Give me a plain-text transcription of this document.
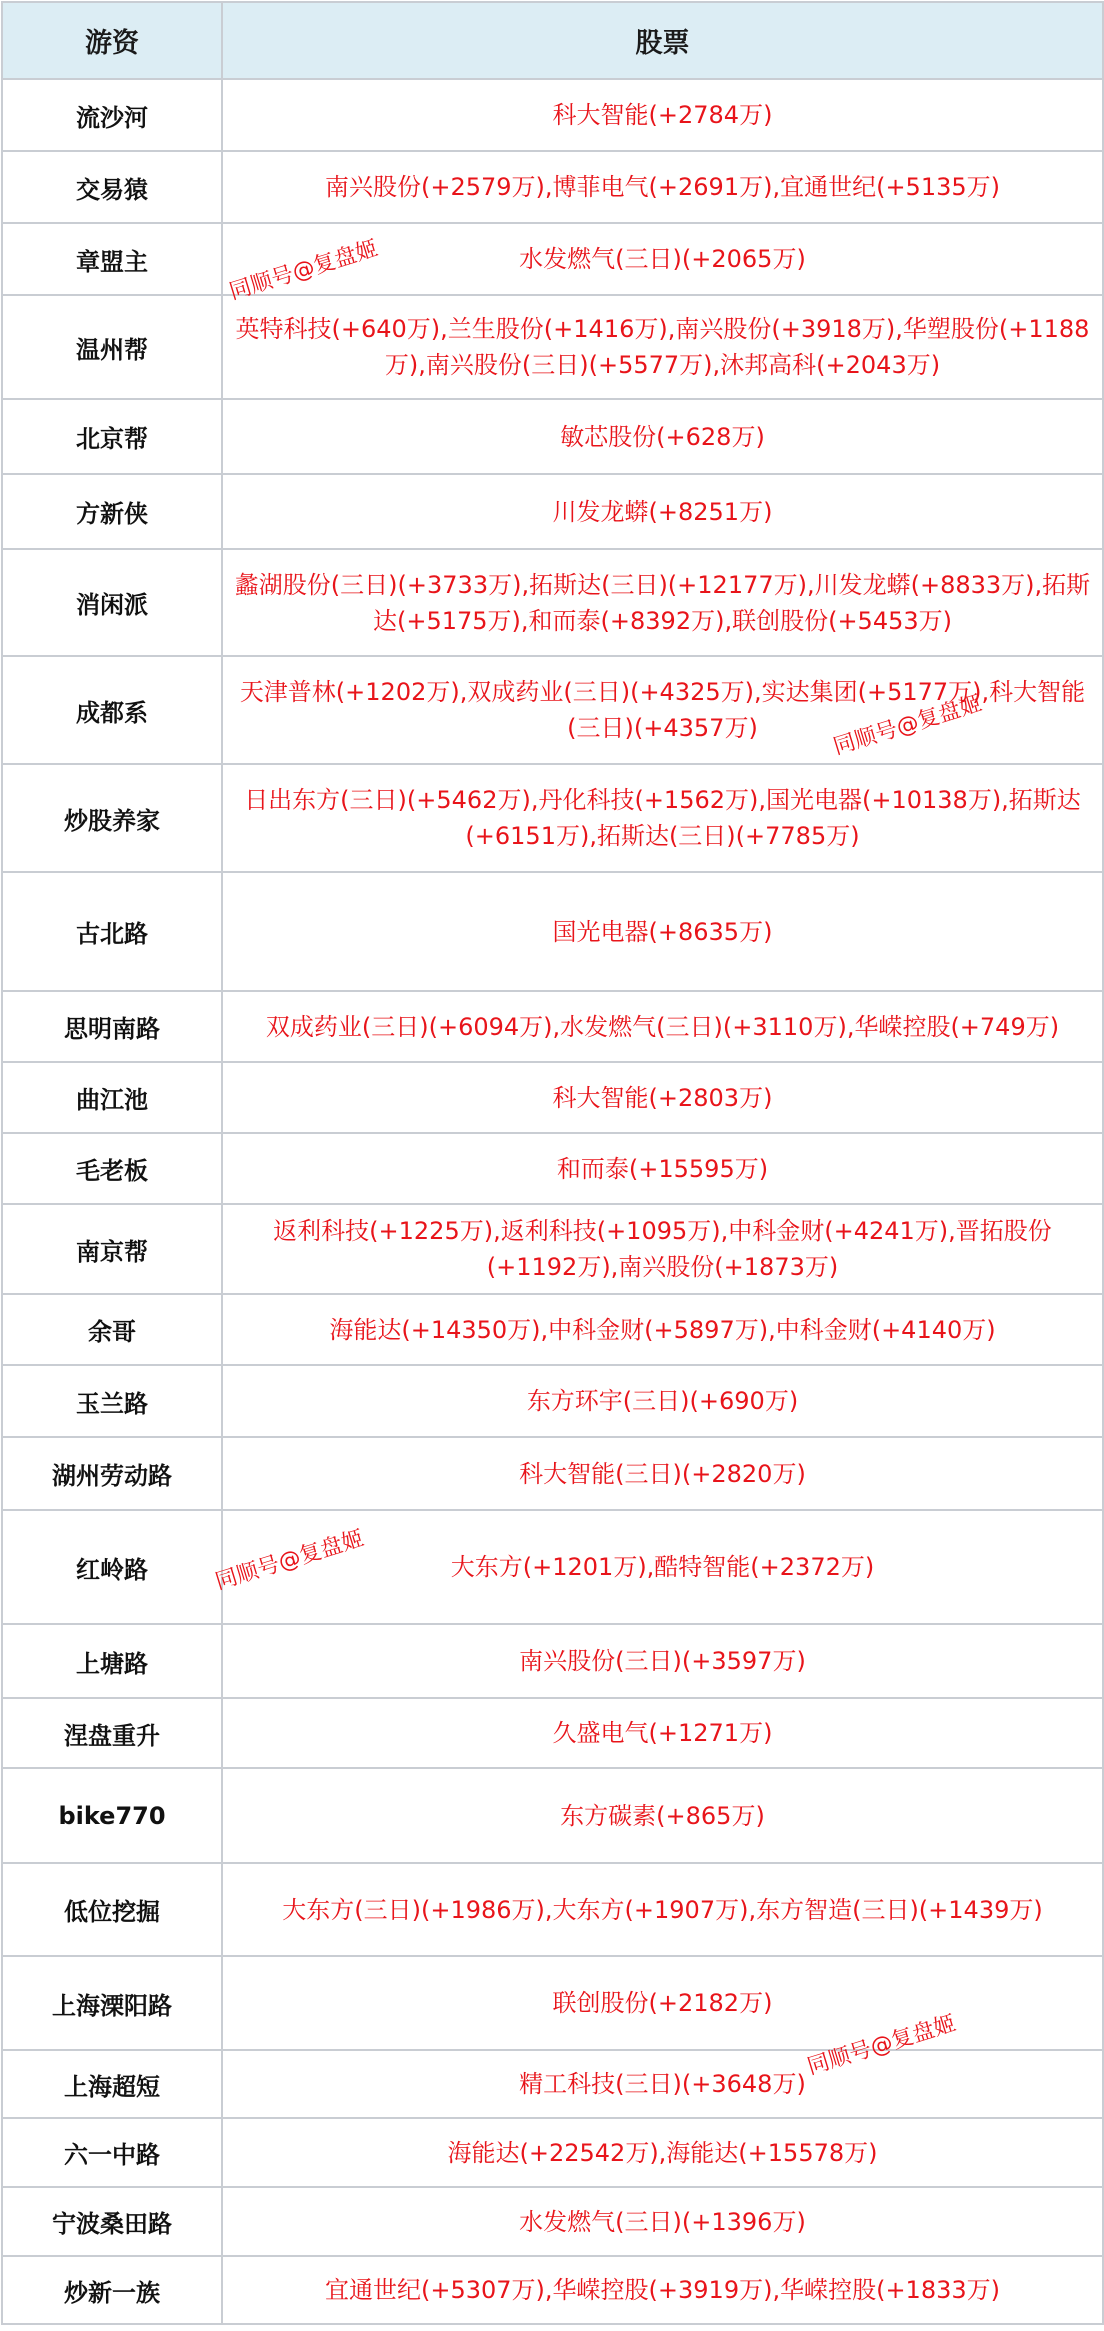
游资	股票
流沙河	科大智能(+2784万)
交易猿	南兴股份(+2579万),博菲电气(+2691万),宜通世纪(+5135万)
章盟主	水发燃气(三日)(+2065万)
温州帮	英特科技(+640万),兰生股份(+1416万),南兴股份(+3918万),华塑股份(+1188万),南兴股份(三日)(+5577万),沐邦高科(+2043万)
北京帮	敏芯股份(+628万)
方新侠	川发龙蟒(+8251万)
消闲派	蠡湖股份(三日)(+3733万),拓斯达(三日)(+12177万),川发龙蟒(+8833万),拓斯达(+5175万),和而泰(+8392万),联创股份(+5453万)
成都系	天津普林(+1202万),双成药业(三日)(+4325万),实达集团(+5177万),科大智能(三日)(+4357万)
炒股养家	日出东方(三日)(+5462万),丹化科技(+1562万),国光电器(+10138万),拓斯达(+6151万),拓斯达(三日)(+7785万)
古北路	国光电器(+8635万)
思明南路	双成药业(三日)(+6094万),水发燃气(三日)(+3110万),华嵘控股(+749万)
曲江池	科大智能(+2803万)
毛老板	和而泰(+15595万)
南京帮	返利科技(+1225万),返利科技(+1095万),中科金财(+4241万),晋拓股份(+1192万),南兴股份(+1873万)
余哥	海能达(+14350万),中科金财(+5897万),中科金财(+4140万)
玉兰路	东方环宇(三日)(+690万)
湖州劳动路	科大智能(三日)(+2820万)
红岭路	大东方(+1201万),酷特智能(+2372万)
上塘路	南兴股份(三日)(+3597万)
涅盘重升	久盛电气(+1271万)
bike770	东方碳素(+865万)
低位挖掘	大东方(三日)(+1986万),大东方(+1907万),东方智造(三日)(+1439万)
上海溧阳路	联创股份(+2182万)
上海超短	精工科技(三日)(+3648万)
六一中路	海能达(+22542万),海能达(+15578万)
宁波桑田路	水发燃气(三日)(+1396万)
炒新一族	宜通世纪(+5307万),华嵘控股(+3919万),华嵘控股(+1833万)
同顺号@复盘姬
同顺号@复盘姬
同顺号@复盘姬
同顺号@复盘姬
